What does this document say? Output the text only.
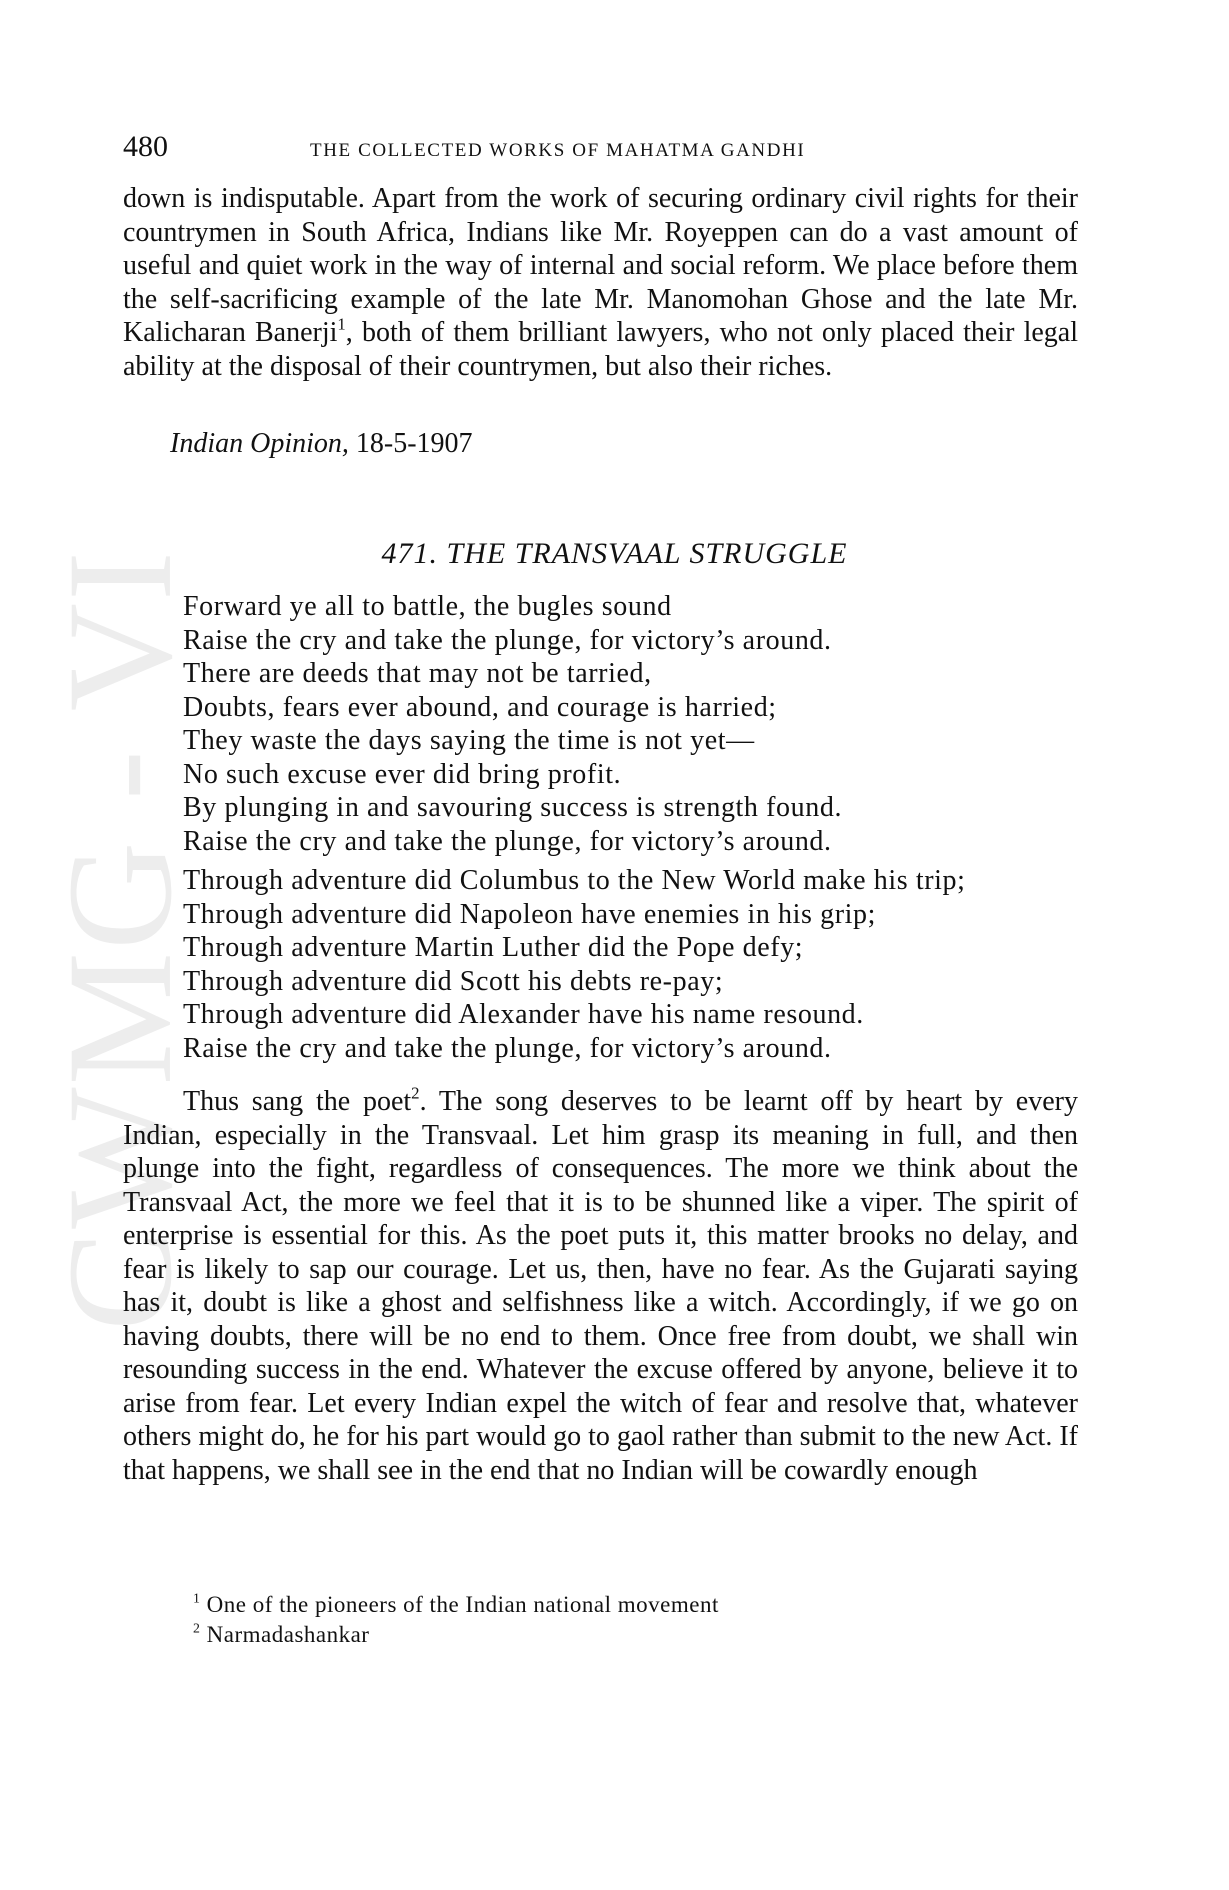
CWMG - VI
480	THE COLLECTED WORKS OF MAHATMA GANDHI

down is indisputable. Apart from the work of securing ordinary civil rights for their countrymen in South Africa, Indians like Mr. Royeppen can do a vast amount of useful and quiet work in the way of internal and social reform. We place before them the self-sacrificing example of the late Mr. Manomohan Ghose and the late Mr. Kalicharan Banerji$^1$, both of them brilliant lawyers, who not only placed their legal ability at the disposal of their countrymen, but also their riches.

Indian Opinion, 18-5-1907
471. THE TRANSVAAL STRUGGLE
Forward ye all to battle, the bugles sound
Raise the cry and take the plunge, for victory’s around.
There are deeds that may not be tarried,
Doubts, fears ever abound, and courage is harried;
They waste the days saying the time is not yet—
No such excuse ever did bring profit.
By plunging in and savouring success is strength found.
Raise the cry and take the plunge, for victory’s around.
Through adventure did Columbus to the New World make his trip;
Through adventure did Napoleon have enemies in his grip;
Through adventure Martin Luther did the Pope defy;
Through adventure did Scott his debts re-pay;
Through adventure did Alexander have his name resound.
Raise the cry and take the plunge, for victory’s around.

Thus sang the poet$^2$. The song deserves to be learnt off by heart by every Indian, especially in the Transvaal. Let him grasp its meaning in full, and then plunge into the fight, regardless of consequences. The more we think about the Transvaal Act, the more we feel that it is to be shunned like a viper. The spirit of enterprise is essential for this. As the poet puts it, this matter brooks no delay, and fear is likely to sap our courage. Let us, then, have no fear. As the Gujarati saying has it, doubt is like a ghost and selfishness like a witch. Accordingly, if we go on having doubts, there will be no end to them. Once free from doubt, we shall win resounding success in the end. Whatever the excuse offered by anyone, believe it to arise from fear. Let every Indian expel the witch of fear and resolve that, whatever others might do, he for his part would go to gaol rather than submit to the new Act. If that happens, we shall see in the end that no Indian will be cowardly enough

$^1$ One of the pioneers of the Indian national movement
$^2$ Narmadashankar
